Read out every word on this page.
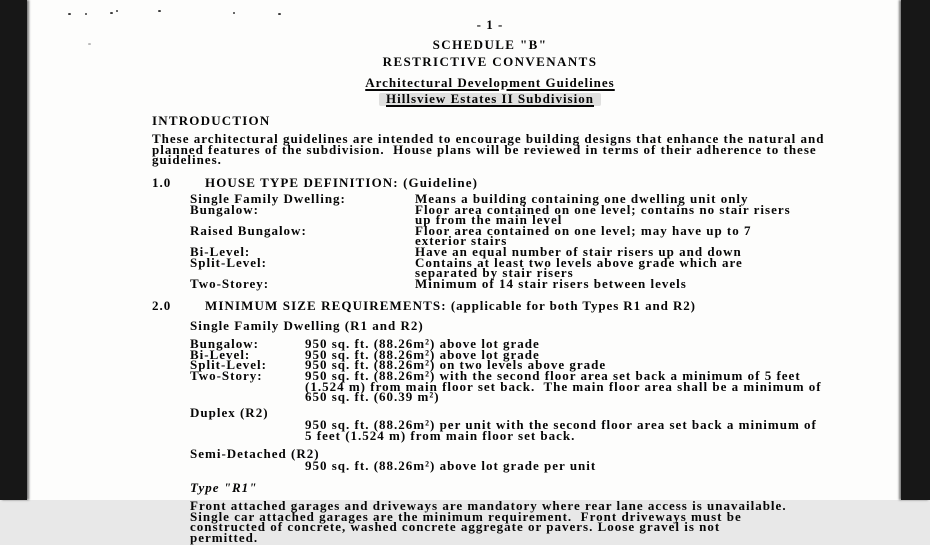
- 1 -
SCHEDULE "B"
RESTRICTIVE CONVENANTS
Architectural Development Guidelines
Hillsview Estates II Subdivision
INTRODUCTION
These architectural guidelines are intended to encourage building designs that enhance the natural and planned features of the subdivision.  House plans will be reviewed in terms of their adherence to these guidelines.
1.0	HOUSE TYPE DEFINITION: (Guideline)
Single Family Dwelling:	Means a building containing one dwelling unit only
Bungalow:	Floor area contained on one level; contains no stair risers up from the main level
Raised Bungalow:	Floor area contained on one level; may have up to 7 exterior stairs
Bi-Level:	Have an equal number of stair risers up and down
Split-Level:	Contains at least two levels above grade which are separated by stair risers
Two-Storey:	Minimum of 14 stair risers between levels
2.0	MINIMUM SIZE REQUIREMENTS: (applicable for both Types R1 and R2)
Single Family Dwelling (R1 and R2)
Bungalow:	950 sq. ft. (88.26m²) above lot grade
Bi-Level:	950 sq. ft. (88.26m²) above lot grade
Split-Level:	950 sq. ft. (88.26m²) on two levels above grade
Two-Story:	950 sq. ft. (88.26m²) with the second floor area set back a minimum of 5 feet (1.524 m) from main floor set back.  The main floor area shall be a minimum of 650 sq. ft. (60.39 m²)
Duplex (R2)
950 sq. ft. (88.26m²) per unit with the second floor area set back a minimum of 5 feet (1.524 m) from main floor set back.
Semi-Detached (R2)
950 sq. ft. (88.26m²) above lot grade per unit
Type "R1"
Front attached garages and driveways are mandatory where rear lane access is unavailable. Single car attached garages are the minimum requirement.  Front driveways must be constructed of concrete, washed concrete aggregate or pavers. Loose gravel is not permitted.
